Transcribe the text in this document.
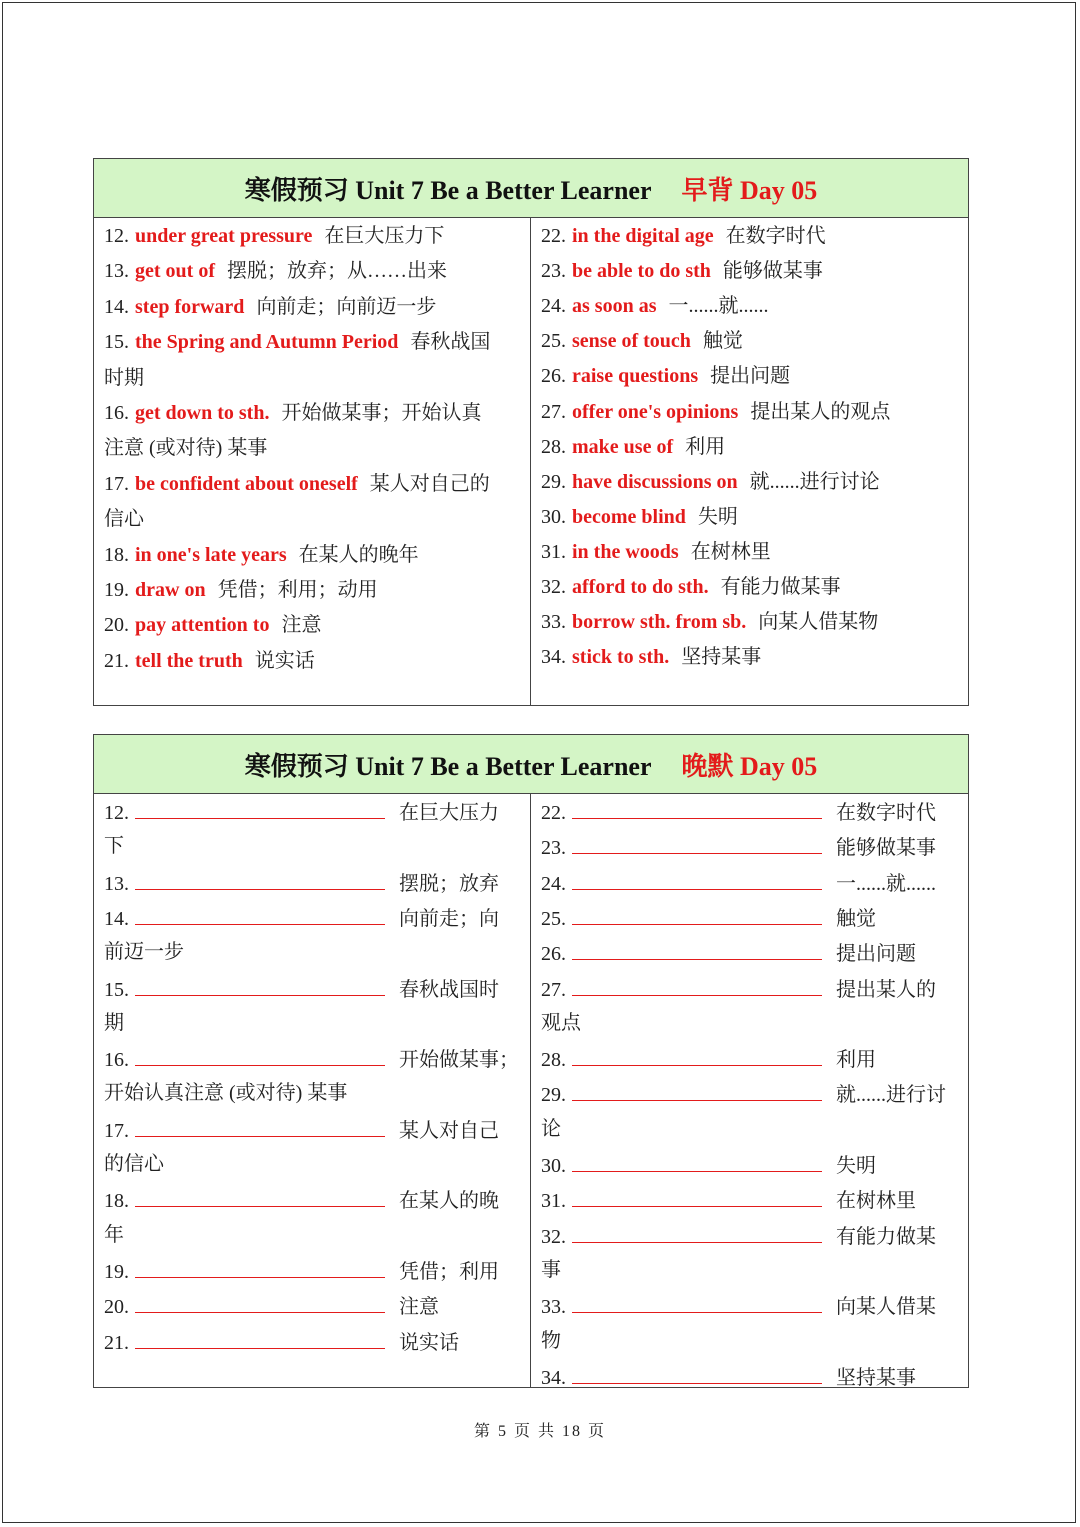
寒假预习 Unit 7 Be a Better Learner 早背 Day 05
12. under great pressure 在巨大压力下
13. get out of 摆脱；放弃；从……出来
14. step forward 向前走；向前迈一步
15. the Spring and Autumn Period 春秋战国
时期
16. get down to sth. 开始做某事；开始认真
注意 (或对待) 某事
17. be confident about oneself 某人对自己的
信心
18. in one's late years 在某人的晚年
19. draw on 凭借；利用；动用
20. pay attention to 注意
21. tell the truth 说实话
22. in the digital age 在数字时代
23. be able to do sth 能够做某事
24. as soon as 一......就......
25. sense of touch 触觉
26. raise questions 提出问题
27. offer one's opinions 提出某人的观点
28. make use of 利用
29. have discussions on 就......进行讨论
30. become blind 失明
31. in the woods 在树林里
32. afford to do sth. 有能力做某事
33. borrow sth. from sb. 向某人借某物
34. stick to sth. 坚持某事
寒假预习 Unit 7 Be a Better Learner 晚默 Day 05
12.	在巨大压力
下
13.	摆脱；放弃
14.	向前走；向
前迈一步
15.	春秋战国时
期
16.	开始做某事；
开始认真注意 (或对待) 某事
17.	某人对自己
的信心
18.	在某人的晚
年
19.	凭借；利用
20.	注意
21.	说实话
22.	在数字时代
23.	能够做某事
24.	一......就......
25.	触觉
26.	提出问题
27.	提出某人的
观点
28.	利用
29.	就......进行讨
论
30.	失明
31.	在树林里
32.	有能力做某
事
33.	向某人借某
物
34.	坚持某事
第 5 页 共 18 页
